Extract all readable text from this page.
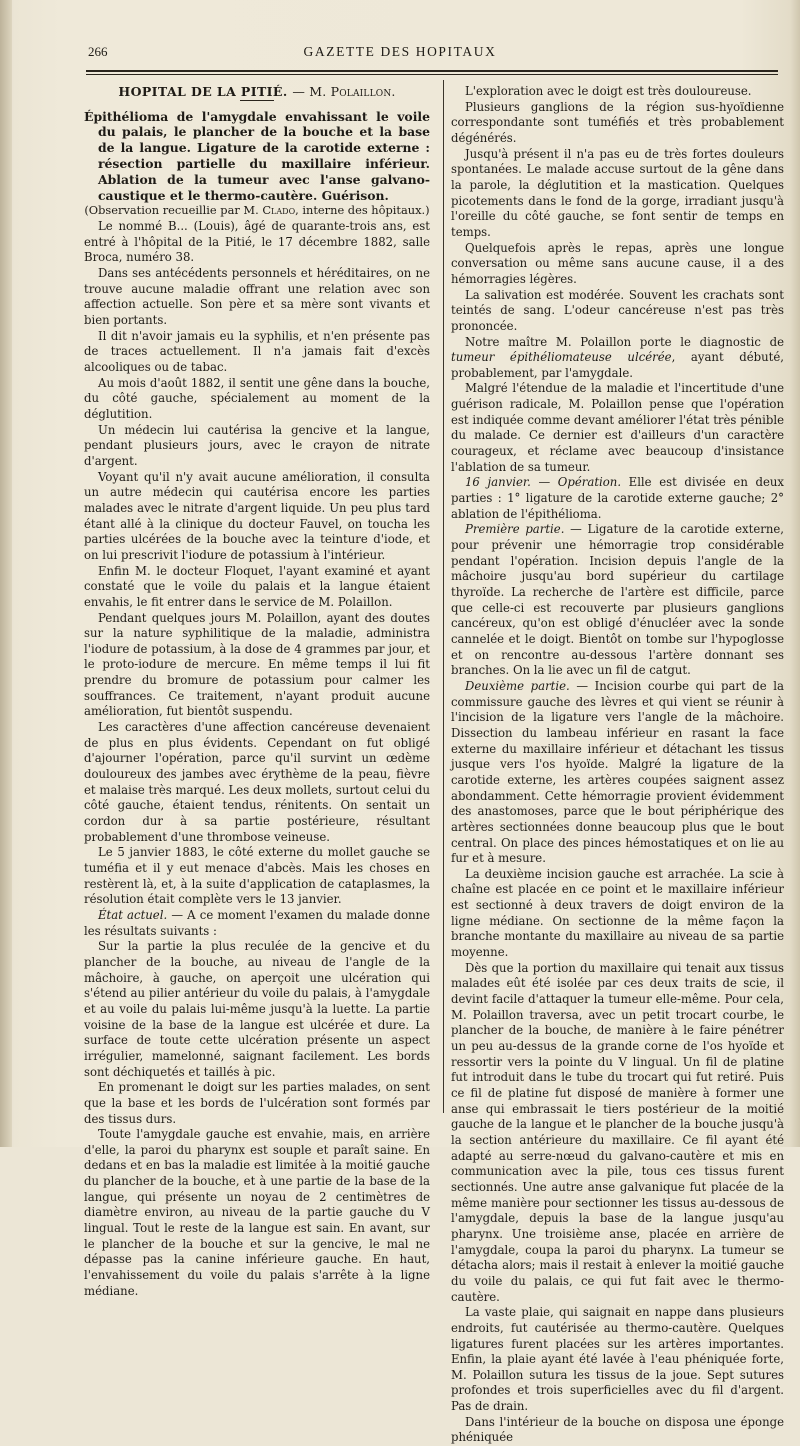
266	GAZETTE DES HOPITAUX

HOPITAL DE LA PITIÉ. — M. Polaillon.

Épithélioma de l'amygdale envahissant le voile du palais, le plancher de la bouche et la base de la langue. Ligature de la carotide externe : résection partielle du maxillaire inférieur. Ablation de la tumeur avec l'anse galvano-caustique et le thermo-cautère. Guérison.

(Observation recueillie par M. Clado, interne des hôpitaux.)

Le nommé B... (Louis), âgé de quarante-trois ans, est entré à l'hôpital de la Pitié, le 17 décembre 1882, salle Broca, numéro 38.

Dans ses antécédents personnels et héréditaires, on ne trouve aucune maladie offrant une relation avec son affection actuelle. Son père et sa mère sont vivants et bien portants.

Il dit n'avoir jamais eu la syphilis, et n'en présente pas de traces actuellement. Il n'a jamais fait d'excès alcooliques ou de tabac.

Au mois d'août 1882, il sentit une gêne dans la bouche, du côté gauche, spécialement au moment de la déglutition.

Un médecin lui cautérisa la gencive et la langue, pendant plusieurs jours, avec le crayon de nitrate d'argent.

Voyant qu'il n'y avait aucune amélioration, il consulta un autre médecin qui cautérisa encore les parties malades avec le nitrate d'argent liquide. Un peu plus tard étant allé à la clinique du docteur Fauvel, on toucha les parties ulcérées de la bouche avec la teinture d'iode, et on lui prescrivit l'iodure de potassium à l'intérieur.

Enfin M. le docteur Floquet, l'ayant examiné et ayant constaté que le voile du palais et la langue étaient envahis, le fit entrer dans le service de M. Polaillon.

Pendant quelques jours M. Polaillon, ayant des doutes sur la nature syphilitique de la maladie, administra l'iodure de potassium, à la dose de 4 grammes par jour, et le proto-iodure de mercure. En même temps il lui fit prendre du bromure de potassium pour calmer les souffrances. Ce traitement, n'ayant produit aucune amélioration, fut bientôt suspendu.

Les caractères d'une affection cancéreuse devenaient de plus en plus évidents. Cependant on fut obligé d'ajourner l'opération, parce qu'il survint un œdème douloureux des jambes avec érythème de la peau, fièvre et malaise très marqué. Les deux mollets, surtout celui du côté gauche, étaient tendus, rénitents. On sentait un cordon dur à sa partie postérieure, résultant probablement d'une thrombose veineuse.

Le 5 janvier 1883, le côté externe du mollet gauche se tuméfia et il y eut menace d'abcès. Mais les choses en restèrent là, et, à la suite d'application de cataplasmes, la résolution était complète vers le 13 janvier.

État actuel. — A ce moment l'examen du malade donne les résultats suivants :

Sur la partie la plus reculée de la gencive et du plancher de la bouche, au niveau de l'angle de la mâchoire, à gauche, on aperçoit une ulcération qui s'étend au pilier antérieur du voile du palais, à l'amygdale et au voile du palais lui-même jusqu'à la luette. La partie voisine de la base de la langue est ulcérée et dure. La surface de toute cette ulcération présente un aspect irrégulier, mamelonné, saignant facilement. Les bords sont déchiquetés et taillés à pic.

En promenant le doigt sur les parties malades, on sent que la base et les bords de l'ulcération sont formés par des tissus durs.

Toute l'amygdale gauche est envahie, mais, en arrière d'elle, la paroi du pharynx est souple et paraît saine. En dedans et en bas la maladie est limitée à la moitié gauche du plancher de la bouche, et à une partie de la base de la langue, qui présente un noyau de 2 centimètres de diamètre environ, au niveau de la partie gauche du V lingual. Tout le reste de la langue est sain. En avant, sur le plancher de la bouche et sur la gencive, le mal ne dépasse pas la canine inférieure gauche. En haut, l'envahissement du voile du palais s'arrête à la ligne médiane.

L'exploration avec le doigt est très douloureuse.

Plusieurs ganglions de la région sus-hyoïdienne correspondante sont tuméfiés et très probablement dégénérés.

Jusqu'à présent il n'a pas eu de très fortes douleurs spontanées. Le malade accuse surtout de la gêne dans la parole, la déglutition et la mastication. Quelques picotements dans le fond de la gorge, irradiant jusqu'à l'oreille du côté gauche, se font sentir de temps en temps.

Quelquefois après le repas, après une longue conversation ou même sans aucune cause, il a des hémorragies légères.

La salivation est modérée. Souvent les crachats sont teintés de sang. L'odeur cancéreuse n'est pas très prononcée.

Notre maître M. Polaillon porte le diagnostic de tumeur épithéliomateuse ulcérée, ayant débuté, probablement, par l'amygdale.

Malgré l'étendue de la maladie et l'incertitude d'une guérison radicale, M. Polaillon pense que l'opération est indiquée comme devant améliorer l'état très pénible du malade. Ce dernier est d'ailleurs d'un caractère courageux, et réclame avec beaucoup d'insistance l'ablation de sa tumeur.

16 janvier. — Opération. Elle est divisée en deux parties : 1° ligature de la carotide externe gauche; 2° ablation de l'épithélioma.

Première partie. — Ligature de la carotide externe, pour prévenir une hémorragie trop considérable pendant l'opération. Incision depuis l'angle de la mâchoire jusqu'au bord supérieur du cartilage thyroïde. La recherche de l'artère est difficile, parce que celle-ci est recouverte par plusieurs ganglions cancéreux, qu'on est obligé d'énucléer avec la sonde cannelée et le doigt. Bientôt on tombe sur l'hypoglosse et on rencontre au-dessous l'artère donnant ses branches. On la lie avec un fil de catgut.

Deuxième partie. — Incision courbe qui part de la commissure gauche des lèvres et qui vient se réunir à l'incision de la ligature vers l'angle de la mâchoire. Dissection du lambeau inférieur en rasant la face externe du maxillaire inférieur et détachant les tissus jusque vers l'os hyoïde. Malgré la ligature de la carotide externe, les artères coupées saignent assez abondamment. Cette hémorragie provient évidemment des anastomoses, parce que le bout périphérique des artères sectionnées donne beaucoup plus que le bout central. On place des pinces hémostatiques et on lie au fur et à mesure.

La deuxième incision gauche est arrachée. La scie à chaîne est placée en ce point et le maxillaire inférieur est sectionné à deux travers de doigt environ de la ligne médiane. On sectionne de la même façon la branche montante du maxillaire au niveau de sa partie moyenne.

Dès que la portion du maxillaire qui tenait aux tissus malades eût été isolée par ces deux traits de scie, il devint facile d'attaquer la tumeur elle-même. Pour cela, M. Polaillon traversa, avec un petit trocart courbe, le plancher de la bouche, de manière à le faire pénétrer un peu au-dessus de la grande corne de l'os hyoïde et ressortir vers la pointe du V lingual. Un fil de platine fut introduit dans le tube du trocart qui fut retiré. Puis ce fil de platine fut disposé de manière à former une anse qui embrassait le tiers postérieur de la moitié gauche de la langue et le plancher de la bouche jusqu'à la section antérieure du maxillaire. Ce fil ayant été adapté au serre-nœud du galvano-cautère et mis en communication avec la pile, tous ces tissus furent sectionnés. Une autre anse galvanique fut placée de la même manière pour sectionner les tissus au-dessous de l'amygdale, depuis la base de la langue jusqu'au pharynx. Une troisième anse, placée en arrière de l'amygdale, coupa la paroi du pharynx. La tumeur se détacha alors; mais il restait à enlever la moitié gauche du voile du palais, ce qui fut fait avec le thermo-cautère.

La vaste plaie, qui saignait en nappe dans plusieurs endroits, fut cautérisée au thermo-cautère. Quelques ligatures furent placées sur les artères importantes. Enfin, la plaie ayant été lavée à l'eau phéniquée forte, M. Polaillon sutura les tissus de la joue. Sept sutures profondes et trois superficielles avec du fil d'argent. Pas de drain.

Dans l'intérieur de la bouche on disposa une éponge phéniquée
